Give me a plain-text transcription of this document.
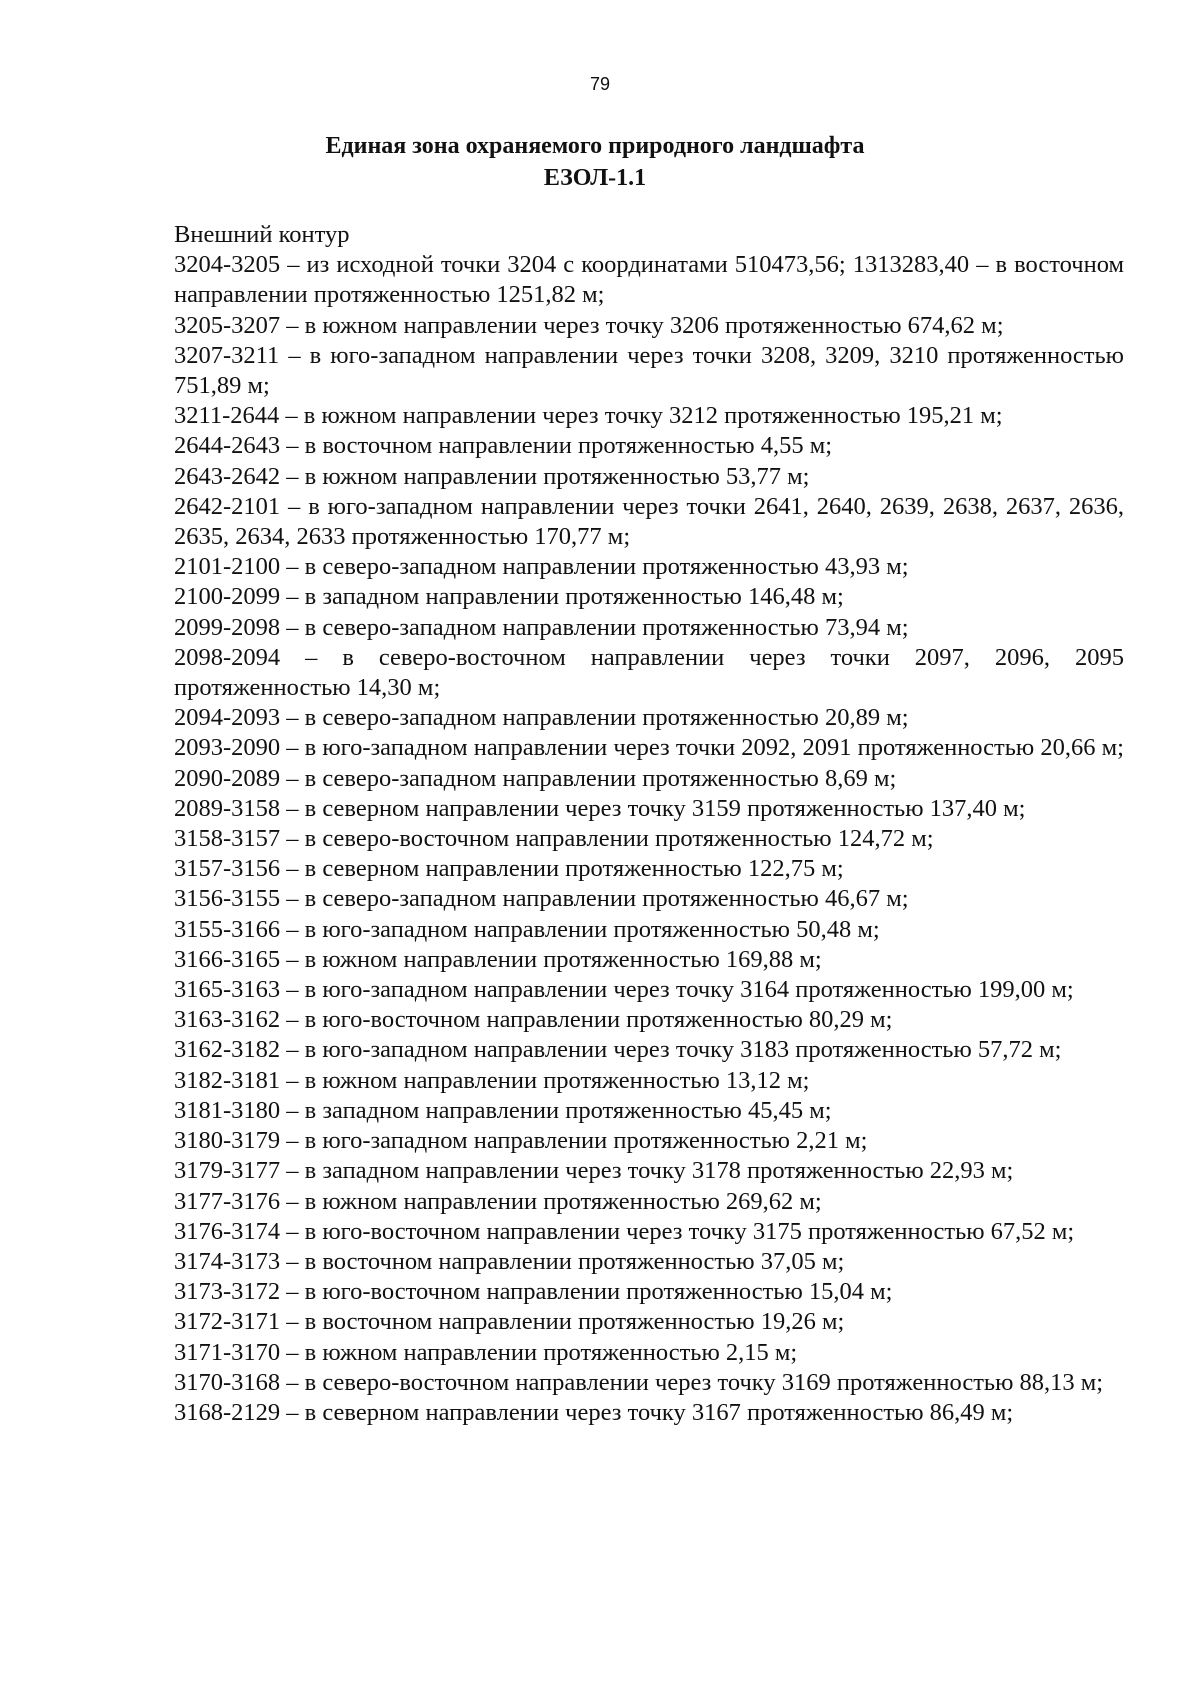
79
Единая зона охраняемого природного ландшафта
ЕЗОЛ-1.1

Внешний контур

3204-3205 – из исходной точки 3204 с координатами 510473,56; 1313283,40 – в восточном направлении протяженностью 1251,82 м;

3205-3207 – в южном направлении через точку 3206 протяженностью 674,62 м;

3207-3211 – в юго-западном направлении через точки 3208, 3209, 3210 протяженностью 751,89 м;

3211-2644 – в южном направлении через точку 3212 протяженностью 195,21 м;

2644-2643 – в восточном направлении протяженностью 4,55 м;

2643-2642 – в южном направлении протяженностью 53,77 м;

2642-2101 – в юго-западном направлении через точки 2641, 2640, 2639, 2638, 2637, 2636, 2635, 2634, 2633 протяженностью 170,77 м;

2101-2100 – в северо-западном направлении протяженностью 43,93 м;

2100-2099 – в западном направлении протяженностью 146,48 м;

2099-2098 – в северо-западном направлении протяженностью 73,94 м;

2098-2094 – в северо-восточном направлении через точки 2097, 2096, 2095 протяженностью 14,30 м;

2094-2093 – в северо-западном направлении протяженностью 20,89 м;

2093-2090 – в юго-западном направлении через точки 2092, 2091 протяженностью 20,66 м;

2090-2089 – в северо-западном направлении протяженностью 8,69 м;

2089-3158 – в северном направлении через точку 3159 протяженностью 137,40 м;

3158-3157 – в северо-восточном направлении протяженностью 124,72 м;

3157-3156 – в северном направлении протяженностью 122,75 м;

3156-3155 – в северо-западном направлении протяженностью 46,67 м;

3155-3166 – в юго-западном направлении протяженностью 50,48 м;

3166-3165 – в южном направлении протяженностью 169,88 м;

3165-3163 – в юго-западном направлении через точку 3164 протяженностью 199,00 м;

3163-3162 – в юго-восточном направлении протяженностью 80,29 м;

3162-3182 – в юго-западном направлении через точку 3183 протяженностью 57,72 м;

3182-3181 – в южном направлении протяженностью 13,12 м;

3181-3180 – в западном направлении протяженностью 45,45 м;

3180-3179 – в юго-западном направлении протяженностью 2,21 м;

3179-3177 – в западном направлении через точку 3178 протяженностью 22,93 м;

3177-3176 – в южном направлении протяженностью 269,62 м;

3176-3174 – в юго-восточном направлении через точку 3175 протяженностью 67,52 м;

3174-3173 – в восточном направлении протяженностью 37,05 м;

3173-3172 – в юго-восточном направлении протяженностью 15,04 м;

3172-3171 – в восточном направлении протяженностью 19,26 м;

3171-3170 – в южном направлении протяженностью 2,15 м;

3170-3168 – в северо-восточном направлении через точку 3169 протяженностью 88,13 м;

3168-2129 – в северном направлении через точку 3167 протяженностью 86,49 м;
